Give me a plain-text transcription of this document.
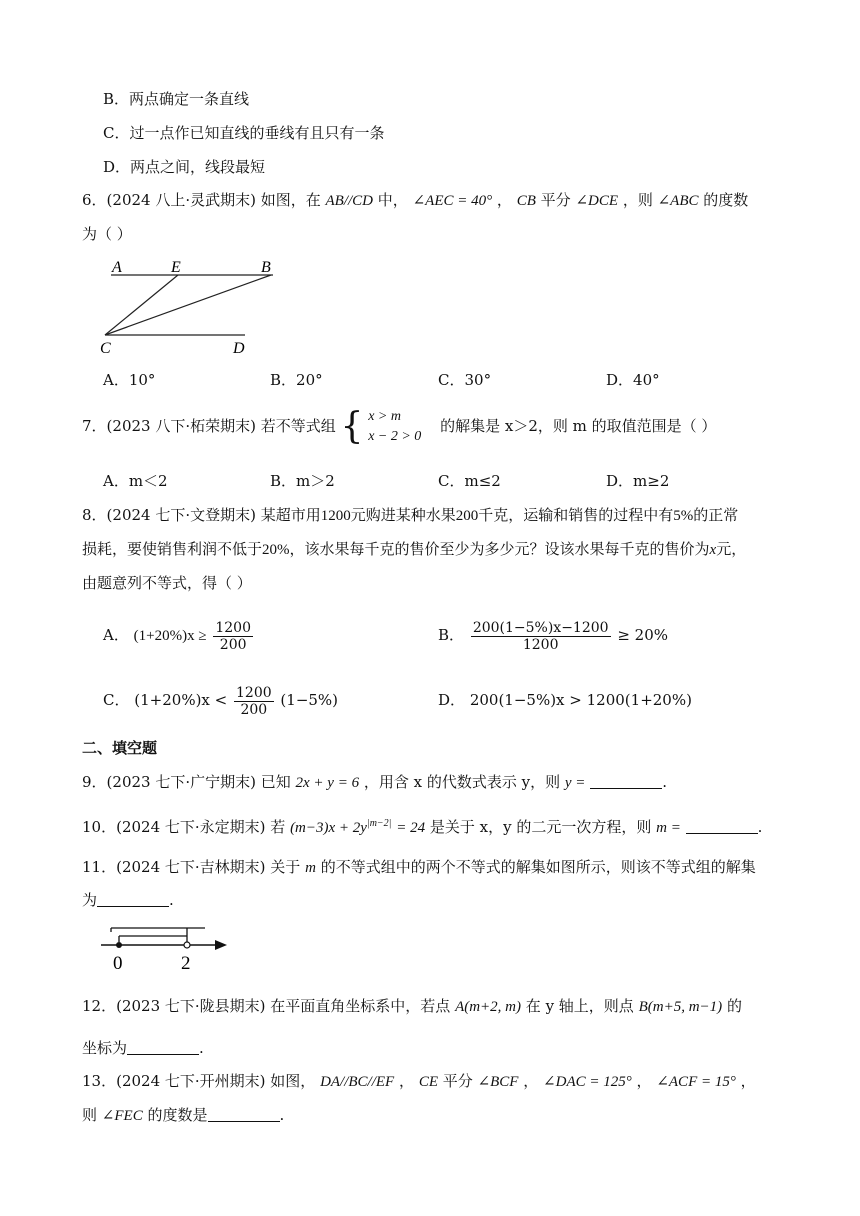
B．两点确定一条直线
C．过一点作已知直线的垂线有且只有一条
D．两点之间，线段最短
6．(2024 八上·灵武期末) 如图，在 AB//CD 中， ∠AEC = 40° ， CB 平分 ∠DCE ，则 ∠ABC 的度数
为（ ）
A	E	B
C	D
A．10°	B．20°	C．30°	D．40°
7．(2023 八下·柘荣期末) 若不等式组 { x > m
x − 2 > 0
的解集是 x＞2，则 m 的取值范围是（ ）
A．m＜2	B．m＞2	C．m≤2	D．m≥2
8．(2024 七下·文登期末) 某超市用1200元购进某种水果200千克，运输和销售的过程中有5%的正常
损耗，要使销售利润不低于20%，该水果每千克的售价至少为多少元？设该水果每千克的售价为x元，
由题意列不等式，得（ ）
A． $(1+20\%)x \ge \frac{1200}{200}$	B． $\frac{200(1-5\%)x-1200}{1200} \ge 20\%$
C． $(1+20\%)x < \frac{1200}{200} (1-5\%)$	D． 200(1−5%)x > 1200(1+20%)
二、填空题
9．(2023 七下·广宁期末) 已知 2x + y = 6 ，用含 x 的代数式表示 y，则 y =	.
10．(2024 七下·永定期末) 若 $(m-3)x + 2y^{|m-2|} = 24$ 是关于 x，y 的二元一次方程，则 m =	.
11．(2024 七下·吉林期末) 关于 m 的不等式组中的两个不等式的解集如图所示，则该不等式组的解集
为	.
0	2
12．(2023 七下·陇县期末) 在平面直角坐标系中，若点 A(m+2, m) 在 y 轴上，则点 B(m+5, m−1) 的
坐标为	.
13．(2024 七下·开州期末) 如图， DA//BC//EF ， CE 平分 ∠BCF ， ∠DAC = 125° ， ∠ACF = 15° ，
则 ∠FEC 的度数是	.
